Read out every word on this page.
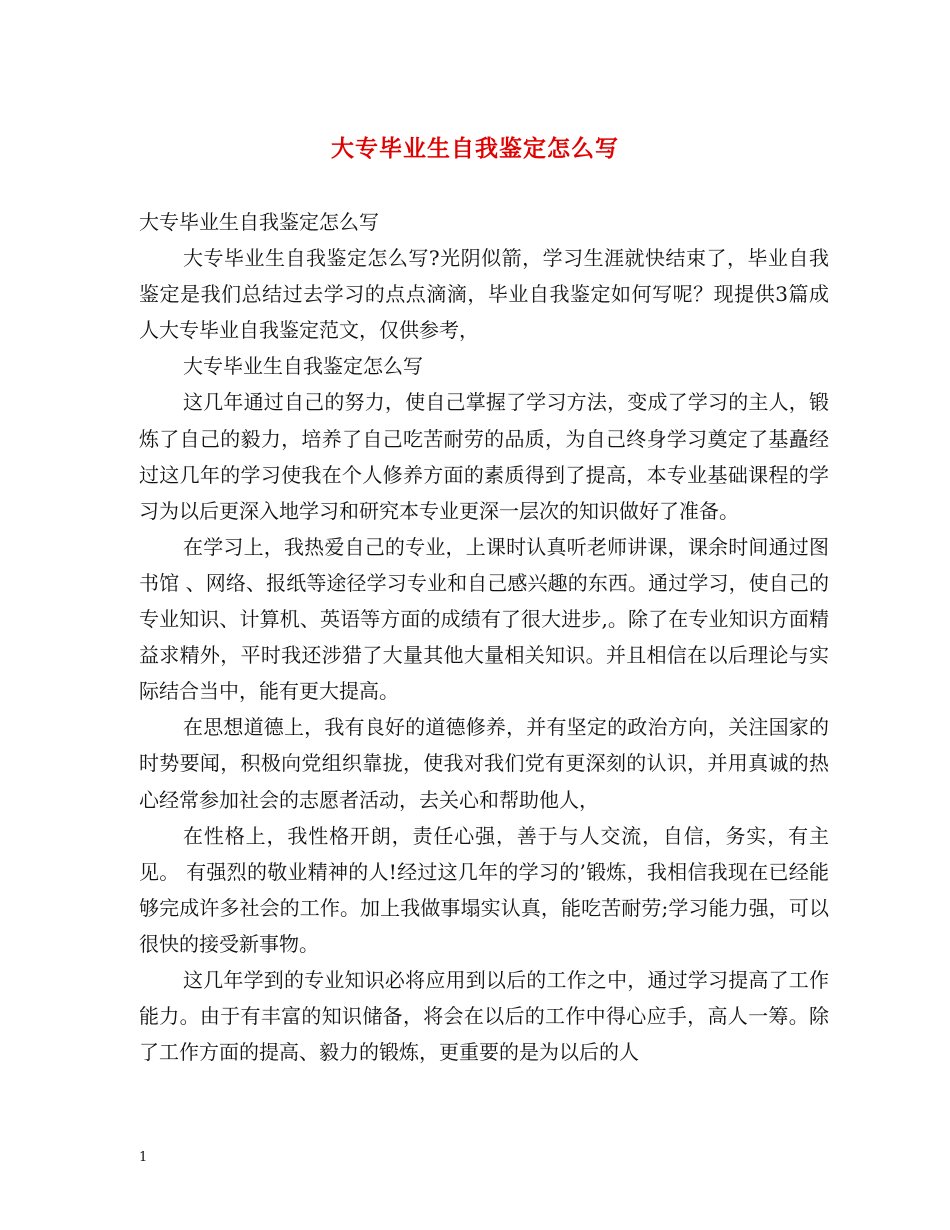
大专毕业生自我鉴定怎么写

大专毕业生自我鉴定怎么写

大专毕业生自我鉴定怎么写?光阴似箭，学习生涯就快结束了，毕业自我鉴定是我们总结过去学习的点点滴滴，毕业自我鉴定如何写呢？现提供3篇成人大专毕业自我鉴定范文，仅供参考，

大专毕业生自我鉴定怎么写

这几年通过自己的努力，使自己掌握了学习方法，变成了学习的主人，锻炼了自己的毅力，培养了自己吃苦耐劳的品质，为自己终身学习奠定了基矗经过这几年的学习使我在个人修养方面的素质得到了提高，本专业基础课程的学习为以后更深入地学习和研究本专业更深一层次的知识做好了准备。

在学习上，我热爱自己的专业，上课时认真听老师讲课，课余时间通过图书馆 、网络、报纸等途径学习专业和自己感兴趣的东西。通过学习，使自己的专业知识、计算机、英语等方面的成绩有了很大进步,。除了在专业知识方面精益求精外，平时我还涉猎了大量其他大量相关知识。并且相信在以后理论与实际结合当中，能有更大提高。

在思想道德上，我有良好的道德修养，并有坚定的政治方向，关注国家的时势要闻，积极向党组织靠拢，使我对我们党有更深刻的认识，并用真诚的热心经常参加社会的志愿者活动，去关心和帮助他人，

在性格上，我性格开朗，责任心强，善于与人交流，自信，务实，有主见。 有强烈的敬业精神的人!经过这几年的学习的’锻炼，我相信我现在已经能够完成许多社会的工作。加上我做事塌实认真，能吃苦耐劳;学习能力强，可以很快的接受新事物。

这几年学到的专业知识必将应用到以后的工作之中，通过学习提高了工作能力。由于有丰富的知识储备，将会在以后的工作中得心应手，高人一筹。除了工作方面的提高、毅力的锻炼，更重要的是为以后的人

1
